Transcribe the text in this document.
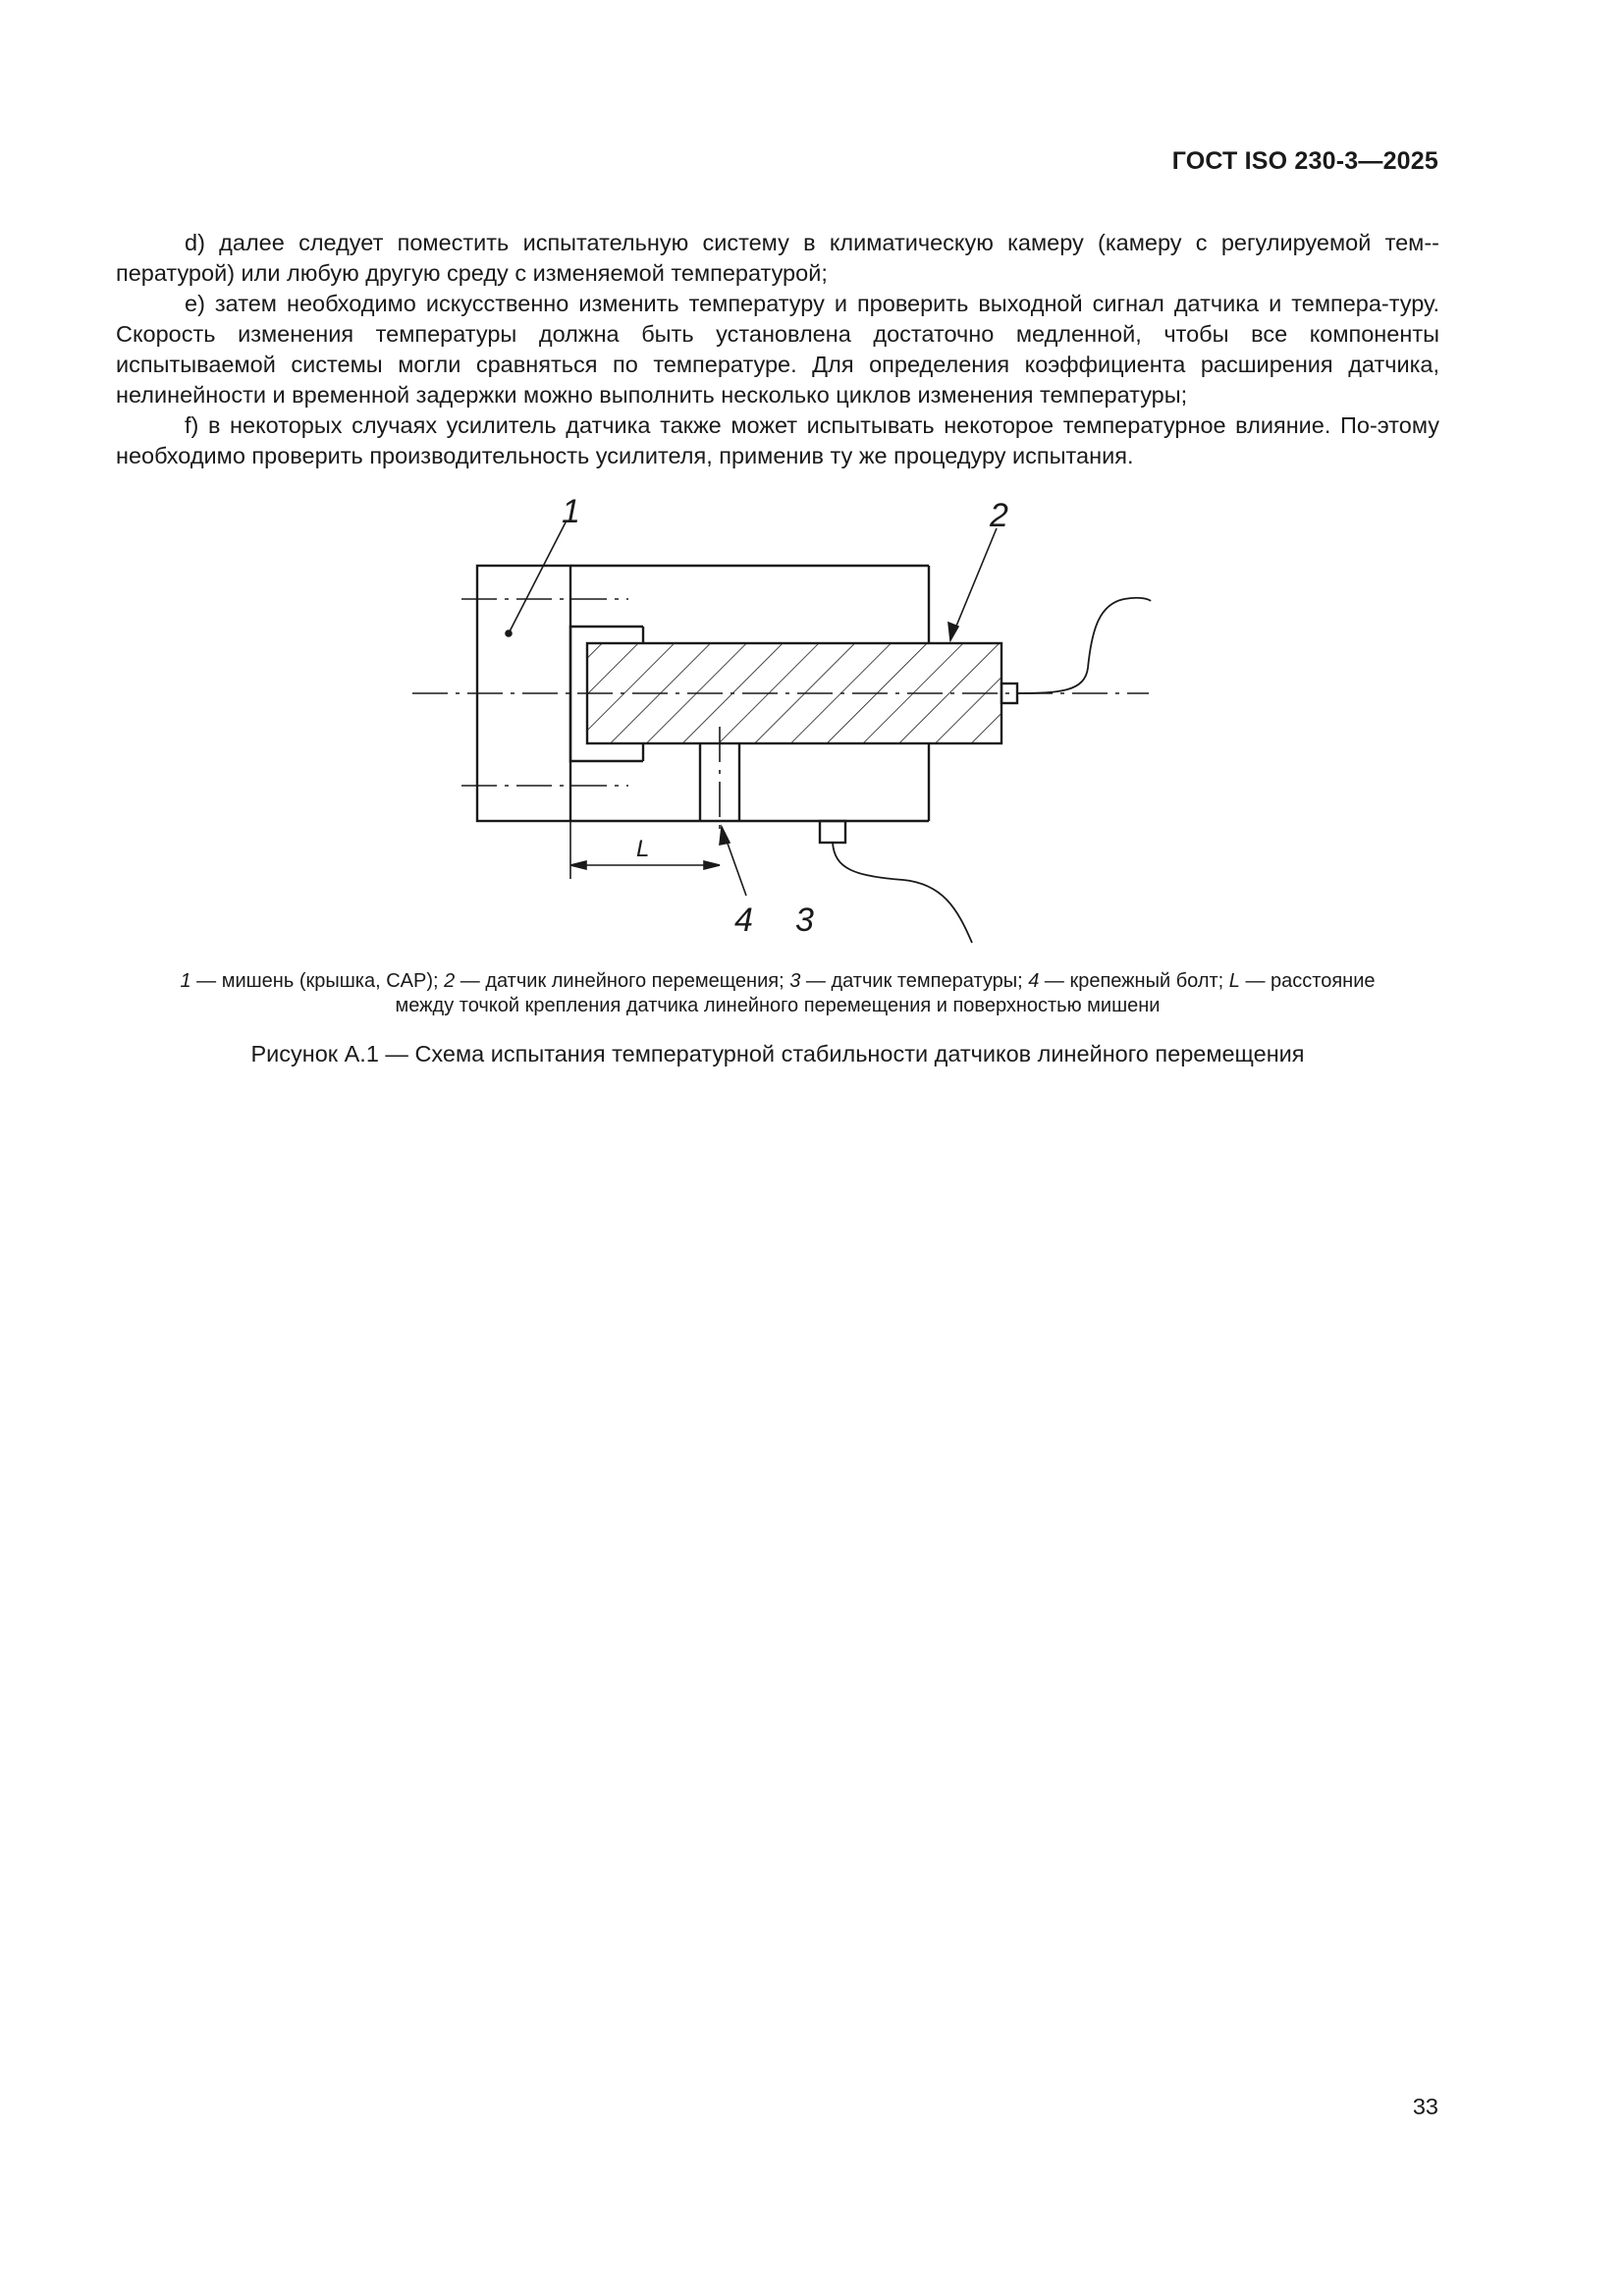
ГОСТ ISO 230-3—2025

d) далее следует поместить испытательную систему в климатическую камеру (камеру с регулируемой тем-пературой) или любую другую среду с изменяемой температурой;

e) затем необходимо искусственно изменить температуру и проверить выходной сигнал датчика и темпера-туру. Скорость изменения температуры должна быть установлена достаточно медленной, чтобы все компоненты испытываемой системы могли сравняться по температуре. Для определения коэффициента расширения датчика, нелинейности и временной задержки можно выполнить несколько циклов изменения температуры;

f) в некоторых случаях усилитель датчика также может испытывать некоторое температурное влияние. По-этому необходимо проверить производительность усилителя, применив ту же процедуру испытания.

1	2
4 3
L
1 — мишень (крышка, CAP); 2 — датчик линейного перемещения; 3 — датчик температуры; 4 — крепежный болт; L — расстояние
между точкой крепления датчика линейного перемещения и поверхностью мишени
Рисунок А.1 — Схема испытания температурной стабильности датчиков линейного перемещения
33
